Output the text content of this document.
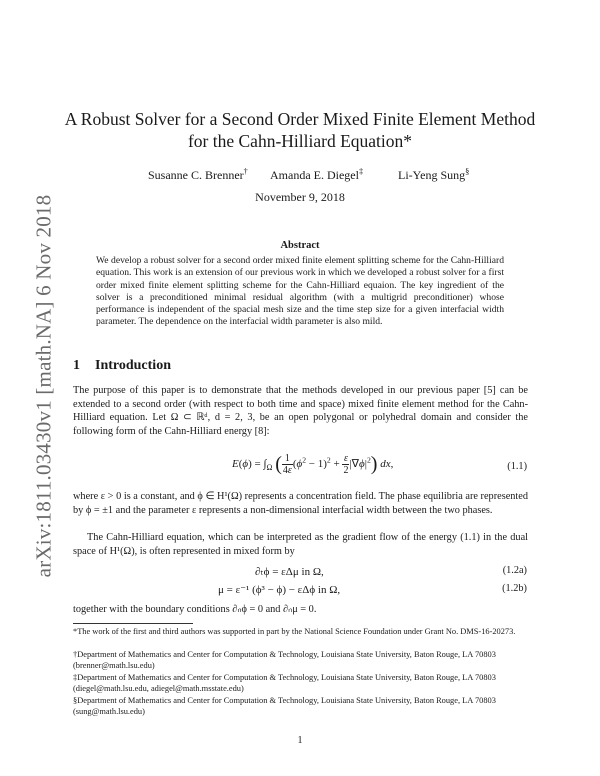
arXiv:1811.03430v1 [math.NA] 6 Nov 2018
A Robust Solver for a Second Order Mixed Finite Element Method
for the Cahn-Hilliard Equation*
Susanne C. Brenner† Amanda E. Diegel‡	Li-Yeng Sung§
November 9, 2018
Abstract
We develop a robust solver for a second order mixed finite element splitting scheme for the Cahn-Hilliard equation. This work is an extension of our previous work in which we developed a robust solver for a first order mixed finite element splitting scheme for the Cahn-Hilliard equaion. The key ingredient of the solver is a preconditioned minimal residual algorithm (with a multigrid preconditioner) whose performance is independent of the spacial mesh size and the time step size for a given interfacial width parameter. The dependence on the interfacial width parameter is also mild.
1 Introduction
The purpose of this paper is to demonstrate that the methods developed in our previous paper [5] can be extended to a second order (with respect to both time and space) mixed finite element method for the Cahn-Hilliard equation. Let Ω ⊂ ℝᵈ, d = 2, 3, be an open polygonal or polyhedral domain and consider the following form of the Cahn-Hilliard energy [8]:
$E(\phi) = \int_\Omega$ ( $\frac{1}{4\varepsilon} (\phi^2 - 1)^2 + \frac{\varepsilon}{2} |\nabla\phi|^2$) dx,	(1.1)
where ε > 0 is a constant, and ϕ ∈ H¹(Ω) represents a concentration field. The phase equilibria are represented by ϕ = ±1 and the parameter ε represents a non-dimensional interfacial width between the two phases.
The Cahn-Hilliard equation, which can be interpreted as the gradient flow of the energy (1.1) in the dual space of H¹(Ω), is often represented in mixed form by
∂ₜϕ = εΔμ in Ω,	(1.2a)
μ = ε⁻¹ (ϕ³ − ϕ) − εΔϕ in Ω,	(1.2b)
together with the boundary conditions ∂ₙϕ = 0 and ∂ₙμ = 0.
*The work of the first and third authors was supported in part by the National Science Foundation under Grant No. DMS-16-20273.
†Department of Mathematics and Center for Computation & Technology, Louisiana State University, Baton Rouge, LA 70803 (brenner@math.lsu.edu)
‡Department of Mathematics and Center for Computation & Technology, Louisiana State University, Baton Rouge, LA 70803 (diegel@math.lsu.edu, adiegel@math.msstate.edu)
§Department of Mathematics and Center for Computation & Technology, Louisiana State University, Baton Rouge, LA 70803 (sung@math.lsu.edu)
1
